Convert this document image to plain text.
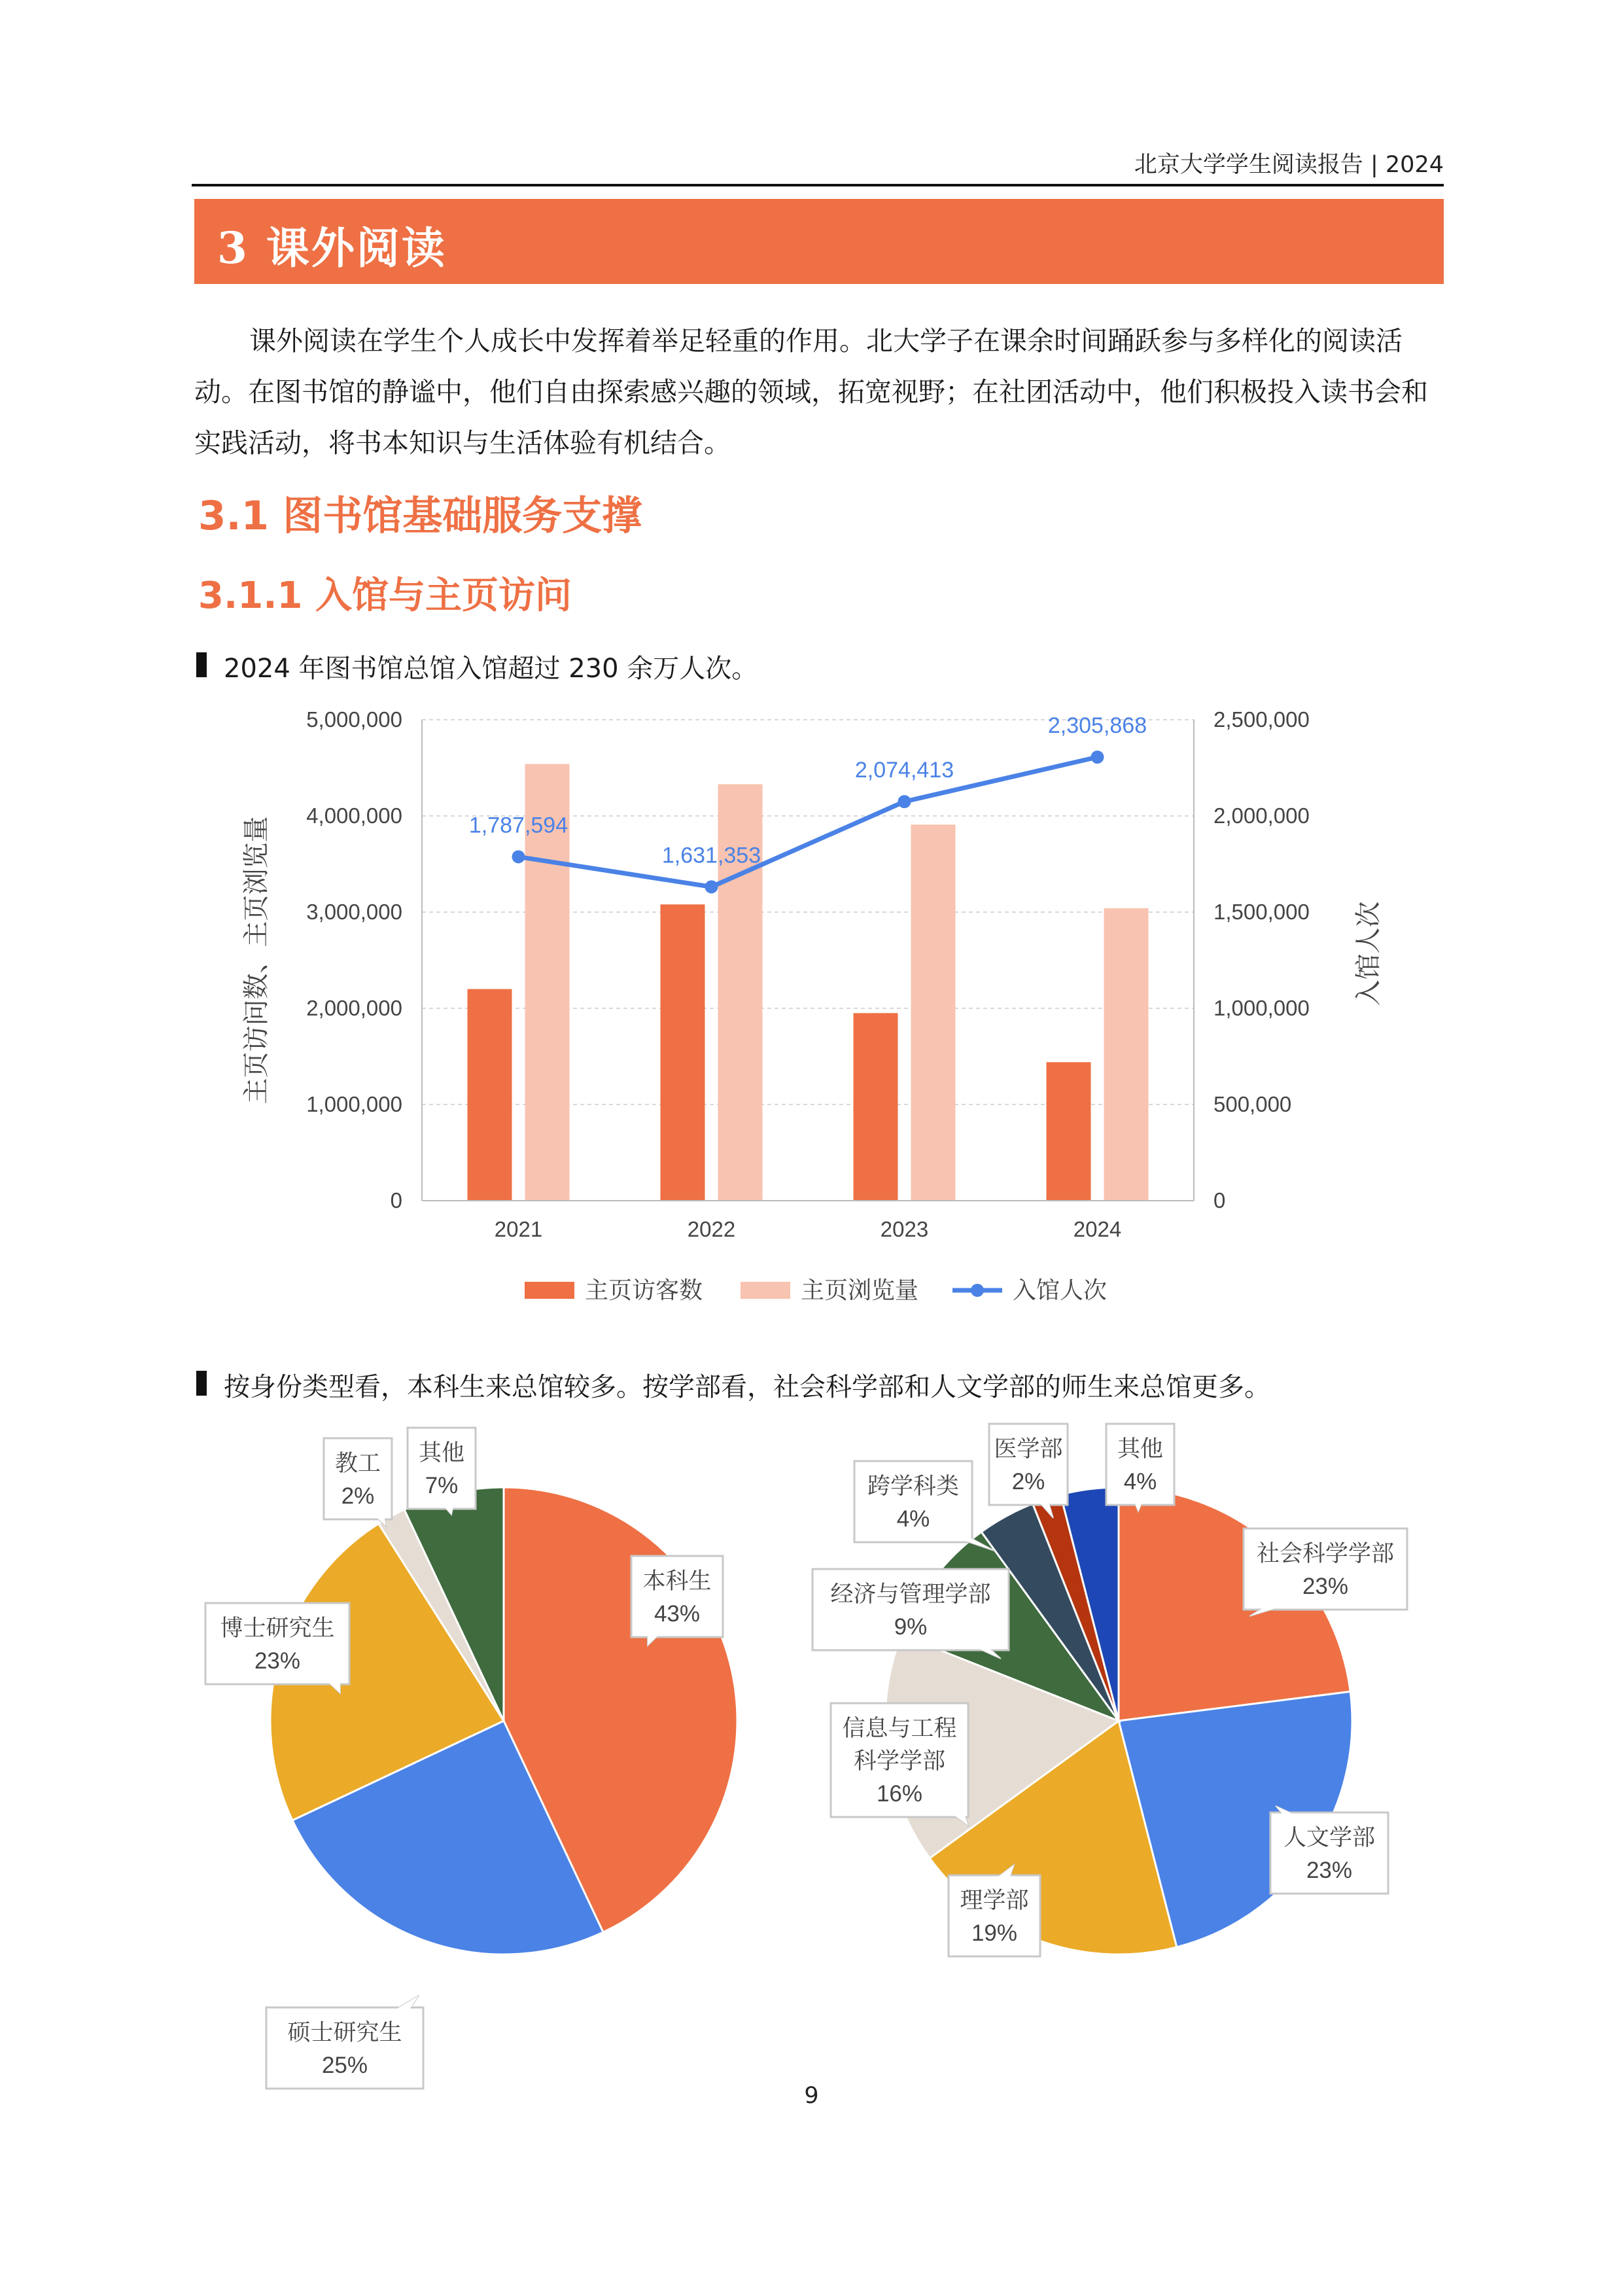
北京大学学生阅读报告 | 2024
3 课外阅读
课外阅读在学生个人成长中发挥着举足轻重的作用。北大学子在课余时间踊跃参与多样化的阅读活动。在图书馆的静谧中，他们自由探索感兴趣的领域，拓宽视野；在社团活动中，他们积极投入读书会和实践活动，将书本知识与生活体验有机结合。
3.1 图书馆基础服务支撑
3.1.1 入馆与主页访问
2024 年图书馆总馆入馆超过 230 余万人次。
1,787,594
1,631,353
2,074,413
2,305,868
0	0
1,000,000	500,000
2,000,000	1,000,000
3,000,000	1,500,000
4,000,000	2,000,000
5,000,000	2,500,000
2021	2022	2023	2024
主页访问数、主页浏览量	入馆人次
主页访客数	主页浏览量	入馆人次
按身份类型看，本科生来总馆较多。按学部看，社会科学部和人文学部的师生来总馆更多。
本科生
43%
硕士研究生
25%
博士研究生
23%
教工
2%
其他
7%
社会科学学部
23%
人文学部
23%
理学部
19%
信息与工程
科学学部
16%
经济与管理学部
9%
跨学科类
4%
医学部
2%
其他
4%
9
